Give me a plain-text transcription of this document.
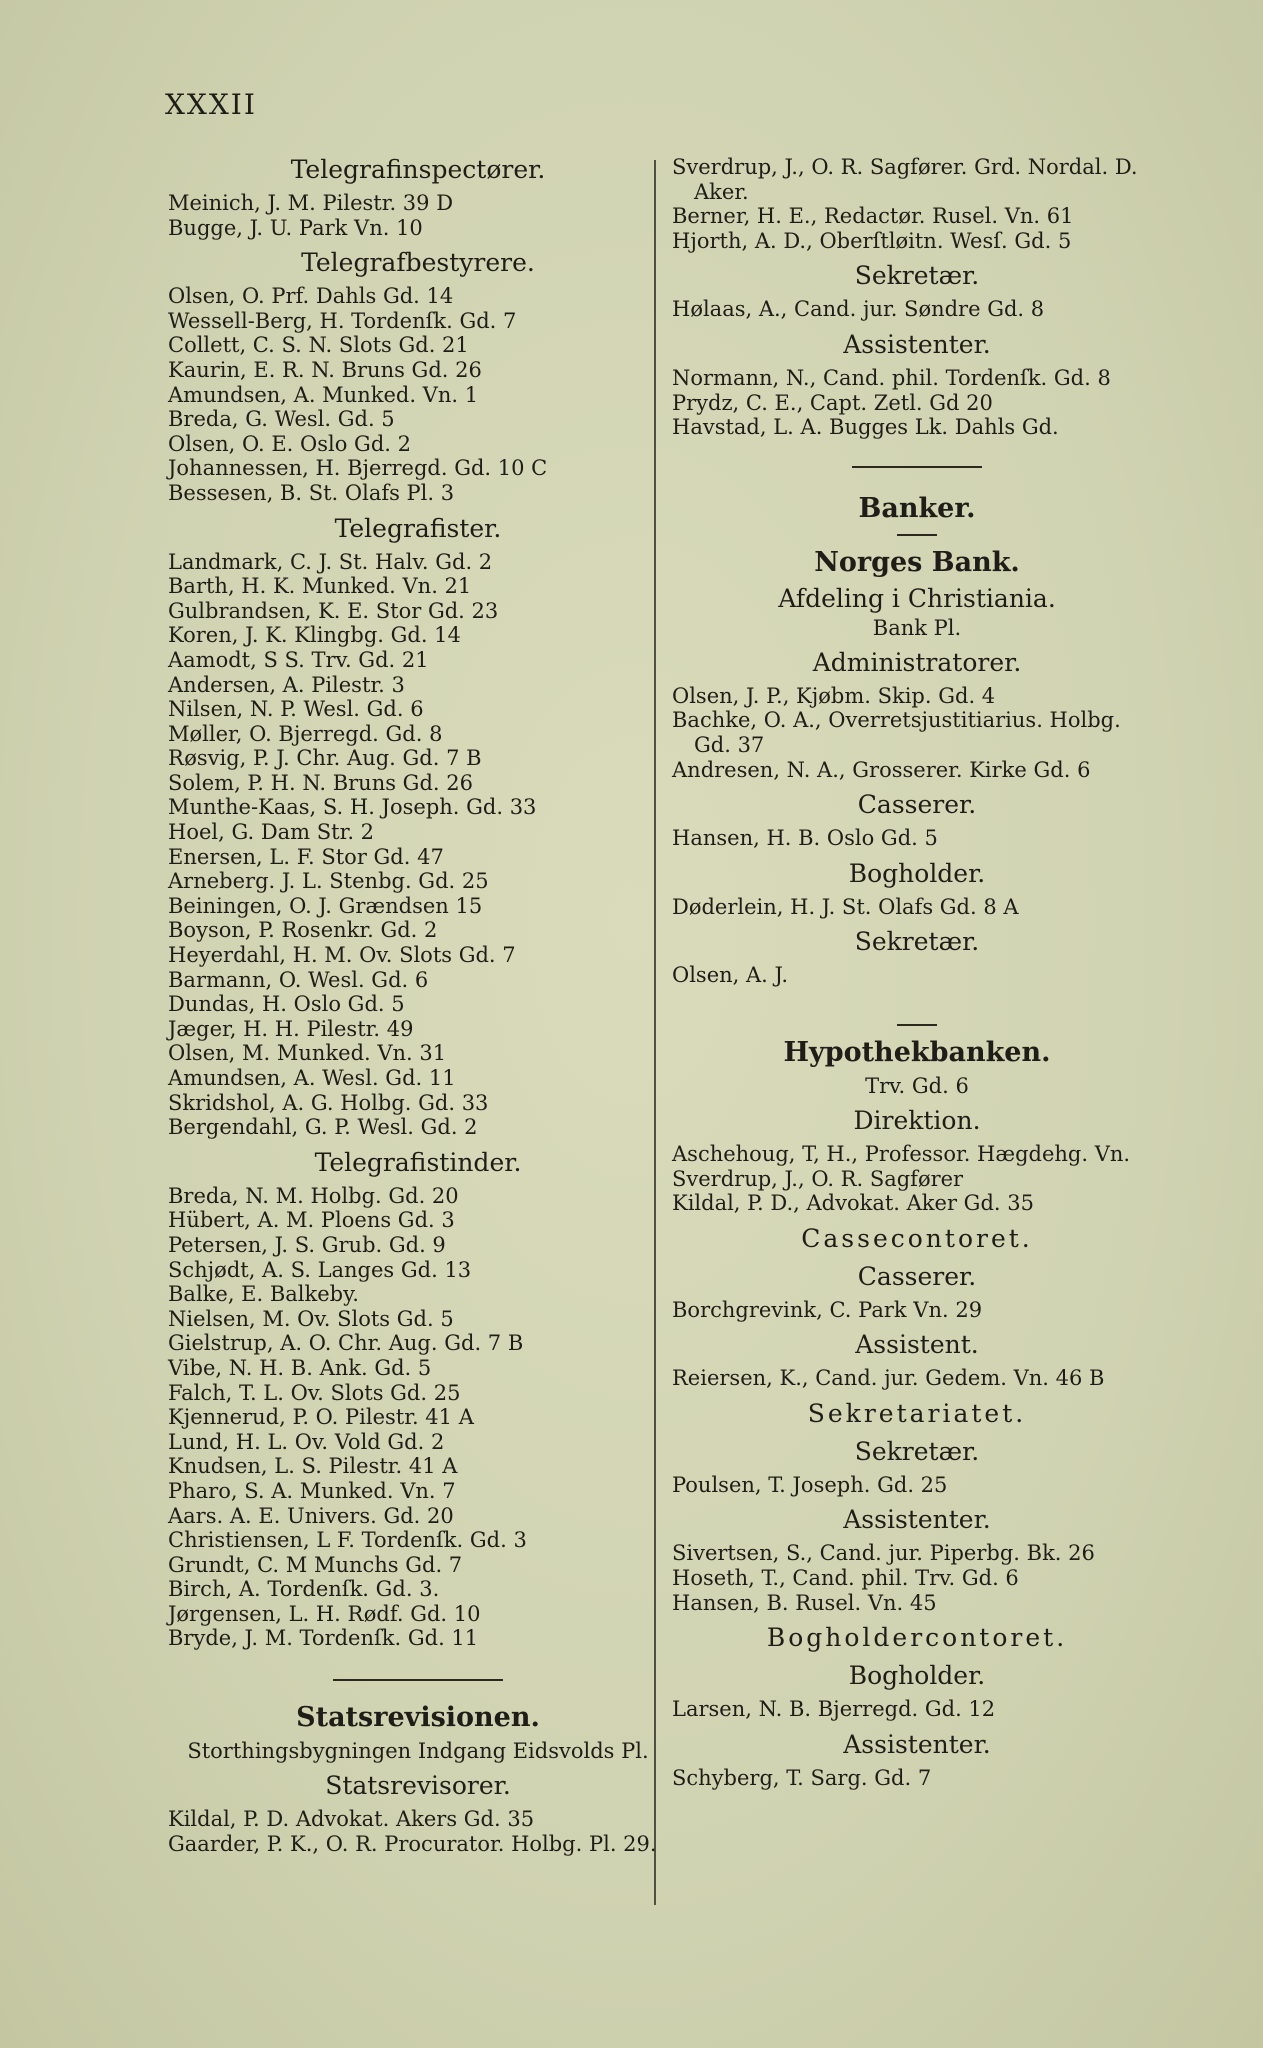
XXXII
Telegrafinspectører.
Meinich, J. M. Pilestr. 39 D
Bugge, J. U. Park Vn. 10
Telegrafbestyrere.
Olsen, O. Prf. Dahls Gd. 14
Wessell-Berg, H. Tordenſk. Gd. 7
Collett, C. S. N. Slots Gd. 21
Kaurin, E. R. N. Bruns Gd. 26
Amundsen, A. Munked. Vn. 1
Breda, G. Wesl. Gd. 5
Olsen, O. E. Oslo Gd. 2
Johannessen, H. Bjerregd. Gd. 10 C
Bessesen, B. St. Olafs Pl. 3
Telegrafister.
Landmark, C. J. St. Halv. Gd. 2
Barth, H. K. Munked. Vn. 21
Gulbrandsen, K. E. Stor Gd. 23
Koren, J. K. Klingbg. Gd. 14
Aamodt, S S. Trv. Gd. 21
Andersen, A. Pilestr. 3
Nilsen, N. P. Wesl. Gd. 6
Møller, O. Bjerregd. Gd. 8
Røsvig, P. J. Chr. Aug. Gd. 7 B
Solem, P. H. N. Bruns Gd. 26
Munthe-Kaas, S. H. Joseph. Gd. 33
Hoel, G. Dam Str. 2
Enersen, L. F. Stor Gd. 47
Arneberg. J. L. Stenbg. Gd. 25
Beiningen, O. J. Grændsen 15
Boyson, P. Rosenkr. Gd. 2
Heyerdahl, H. M. Ov. Slots Gd. 7
Barmann, O. Wesl. Gd. 6
Dundas, H. Oslo Gd. 5
Jæger, H. H. Pilestr. 49
Olsen, M. Munked. Vn. 31
Amundsen, A. Wesl. Gd. 11
Skridshol, A. G. Holbg. Gd. 33
Bergendahl, G. P. Wesl. Gd. 2
Telegrafistinder.
Breda, N. M. Holbg. Gd. 20
Hübert, A. M. Ploens Gd. 3
Petersen, J. S. Grub. Gd. 9
Schjødt, A. S. Langes Gd. 13
Balke, E. Balkeby.
Nielsen, M. Ov. Slots Gd. 5
Gielstrup, A. O. Chr. Aug. Gd. 7 B
Vibe, N. H. B. Ank. Gd. 5
Falch, T. L. Ov. Slots Gd. 25
Kjennerud, P. O. Pilestr. 41 A
Lund, H. L. Ov. Vold Gd. 2
Knudsen, L. S. Pilestr. 41 A
Pharo, S. A. Munked. Vn. 7
Aars. A. E. Univers. Gd. 20
Christiensen, L F. Tordenſk. Gd. 3
Grundt, C. M Munchs Gd. 7
Birch, A. Tordenſk. Gd. 3.
Jørgensen, L. H. Rødf. Gd. 10
Bryde, J. M. Tordenſk. Gd. 11
Statsrevisionen.
Storthingsbygningen Indgang Eidsvolds Pl.
Statsrevisorer.
Kildal, P. D. Advokat. Akers Gd. 35
Gaarder, P. K., O. R. Procurator. Holbg. Pl. 29.
Sverdrup, J., O. R. Sagfører. Grd. Nordal. D. Aker.
Berner, H. E., Redactør. Rusel. Vn. 61
Hjorth, A. D., Oberſtløitn. Wesſ. Gd. 5
Sekretær.
Hølaas, A., Cand. jur. Søndre Gd. 8
Assistenter.
Normann, N., Cand. phil. Tordenſk. Gd. 8
Prydz, C. E., Capt. Zetl. Gd 20
Havstad, L. A. Bugges Lk. Dahls Gd.
Banker.
Norges Bank.
Afdeling i Christiania.
Bank Pl.
Administratorer.
Olsen, J. P., Kjøbm. Skip. Gd. 4
Bachke, O. A., Overretsjustitiarius. Holbg. Gd. 37
Andresen, N. A., Grosserer. Kirke Gd. 6
Casserer.
Hansen, H. B. Oslo Gd. 5
Bogholder.
Døderlein, H. J. St. Olafs Gd. 8 A
Sekretær.
Olsen, A. J.
Hypothekbanken.
Trv. Gd. 6
Direktion.
Aschehoug, T, H., Professor. Hægdehg. Vn.
Sverdrup, J., O. R. Sagfører
Kildal, P. D., Advokat. Aker Gd. 35
Cassecontoret.
Casserer.
Borchgrevink, C. Park Vn. 29
Assistent.
Reiersen, K., Cand. jur. Gedem. Vn. 46 B
Sekretariatet.
Sekretær.
Poulsen, T. Joseph. Gd. 25
Assistenter.
Sivertsen, S., Cand. jur. Piperbg. Bk. 26
Hoseth, T., Cand. phil. Trv. Gd. 6
Hansen, B. Rusel. Vn. 45
Bogholdercontoret.
Bogholder.
Larsen, N. B. Bjerregd. Gd. 12
Assistenter.
Schyberg, T. Sarg. Gd. 7
